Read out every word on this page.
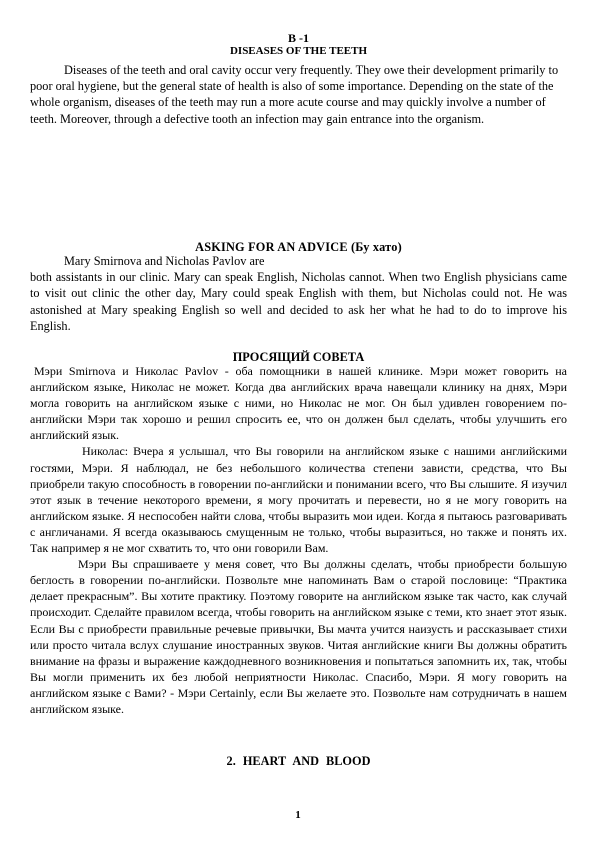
B -1
DISEASES OF THE TEETH

Diseases of the teeth and oral cavity occur very frequently. They owe their development primarily to poor oral hygiene, but the general state of health is also of some importance. Depending on the state of the whole organism, diseases of the teeth may run a more acute course and may quickly involve a number of teeth. Moreover, through a defective tooth an infection may gain entrance into the organism.

ASKING FOR AN ADVICE (Бу хато)

Mary Smirnova and Nicholas Pavlov are

both assistants in our clinic. Mary can speak English, Nicholas cannot. When two English physicians came to visit out clinic the other day, Mary could speak English with them, but Nicholas could not. He was astonished at Mary speaking English so well and decided to ask her what he had to do to improve his English.

ПРОСЯЩИЙ СОВЕТА

Мэри Smirnova и Николас Pavlov - оба помощники в нашей клинике. Мэри может говорить на английском языке, Николас не может. Когда два английских врача навещали клинику на днях, Мэри могла говорить на английском языке с ними, но Николас не мог. Он был удивлен говорением по-английски Мэри так хорошо и решил спросить ее, что он должен был сделать, чтобы улучшить его английский язык.

Николас: Вчера я услышал, что Вы говорили на английском языке с нашими английскими гостями, Мэри. Я наблюдал, не без небольшого количества степени зависти, средства, что Вы приобрели такую способность в говорении по-английски и понимании всего, что Вы слышите. Я изучил этот язык в течение некоторого времени, я могу прочитать и перевести, но я не могу говорить на английском языке. Я неспособен найти слова, чтобы выразить мои идеи. Когда я пытаюсь разговаривать с англичанами. Я всегда оказываюсь смущенным не только, чтобы выразиться, но также и понять их. Так например я не мог схватить то, что они говорили Вам.

Мэри Вы спрашиваете у меня совет, что Вы должны сделать, чтобы приобрести большую беглость в говорении по-английски. Позвольте мне напоминать Вам о старой пословице: “Практика делает прекрасным”. Вы хотите практику. Поэтому говорите на английском языке так часто, как случай происходит. Сделайте правилом всегда, чтобы говорить на английском языке с теми, кто знает этот язык. Если Вы с приобрести правильные речевые привычки, Вы мачта учится наизусть и рассказывает стихи или просто читала вслух слушание иностранных звуков. Читая английские книги Вы должны обратить внимание на фразы и выражение каждодневного возникновения и попытаться запомнить их, так, чтобы Вы могли применить их без любой неприятности Николас. Спасибо, Мэри. Я могу говорить на английском языке с Вами? - Мэри Certainly, если Вы желаете это. Позвольте нам сотрудничать в нашем английском языке.

2. HEART AND BLOOD
1
